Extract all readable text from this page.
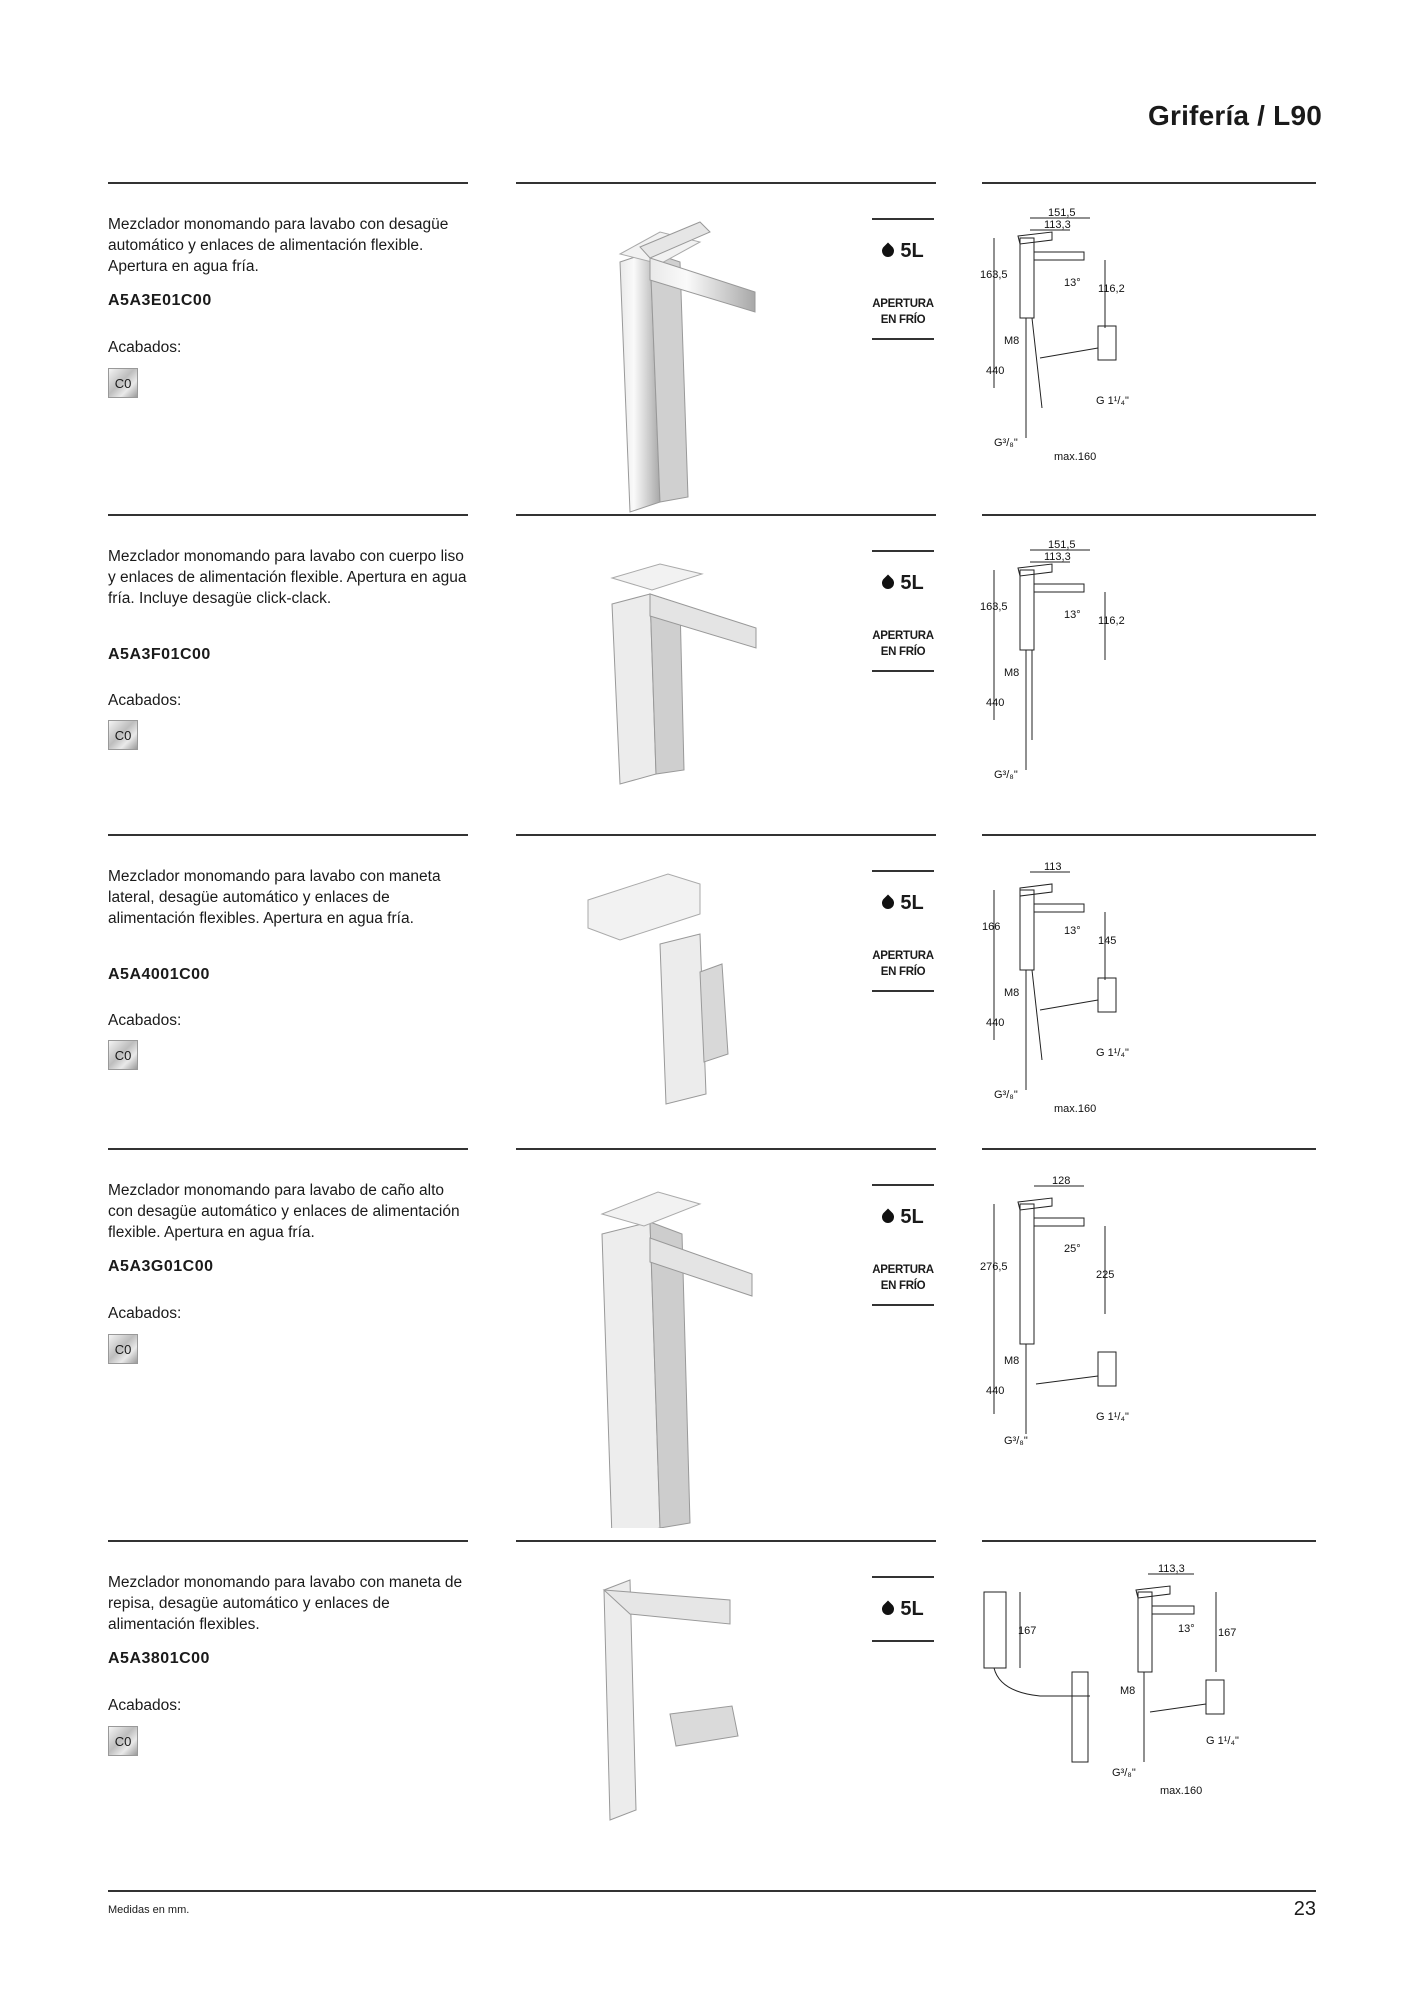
Grifería / L90
Mezclador monomando para lavabo con desagüe automático y enlaces de alimentación flexible. Apertura en agua fría.
A5A3E01C00
Acabados:
C0
5L
APERTURA EN FRÍO
151,5
113,3
163,5
13° 116,2
M8
440
G 1¹/₄"
G³/₈"
max.160
Mezclador monomando para lavabo con cuerpo liso y enlaces de alimentación flexible. Apertura en agua fría. Incluye desagüe click-clack.
A5A3F01C00
Acabados:
C0
5L
APERTURA EN FRÍO
151,5
113,3
163,5
13° 116,2
M8
440
G³/₈"
Mezclador monomando para lavabo con maneta lateral, desagüe automático y enlaces de alimentación flexibles. Apertura en agua fría.
A5A4001C00
Acabados:
C0
5L
APERTURA EN FRÍO
113
166	13°
145
M8
440
G 1¹/₄"
G³/₈"
max.160
Mezclador monomando para lavabo de caño alto con desagüe automático y enlaces de alimentación flexible. Apertura en agua fría.
A5A3G01C00
Acabados:
C0
5L
APERTURA EN FRÍO
128
276,5
25°
225
M8
440
G 1¹/₄"
G³/₈"
Mezclador monomando para lavabo con maneta de repisa, desagüe automático y enlaces de alimentación flexibles.
A5A3801C00
Acabados:
C0
5L
167
113,3
13° 167
M8
G 1¹/₄"
G³/₈"
max.160
Medidas en mm.	23
